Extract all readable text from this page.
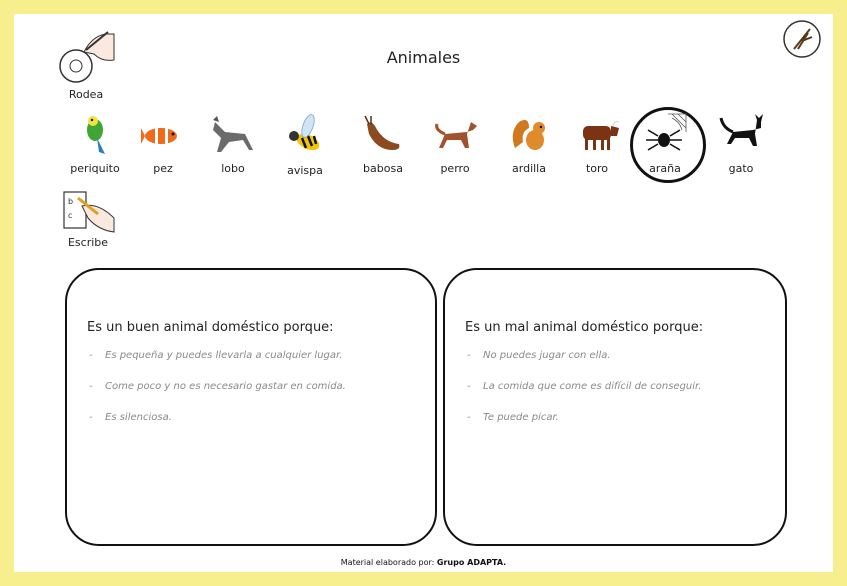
Animales
Rodea
b
c
Escribe
periquito	pez	lobo	avispa	babosa	perro	ardilla	toro	araña	gato
Es un buen animal doméstico porque:
- Es pequeña y puedes llevarla a cualquier lugar.
- Come poco y no es necesario gastar en comida.
- Es silenciosa.
Es un mal animal doméstico porque:
- No puedes jugar con ella.
- La comida que come es difícil de conseguir.
- Te puede picar.
Material elaborado por: Grupo ADAPTA.
